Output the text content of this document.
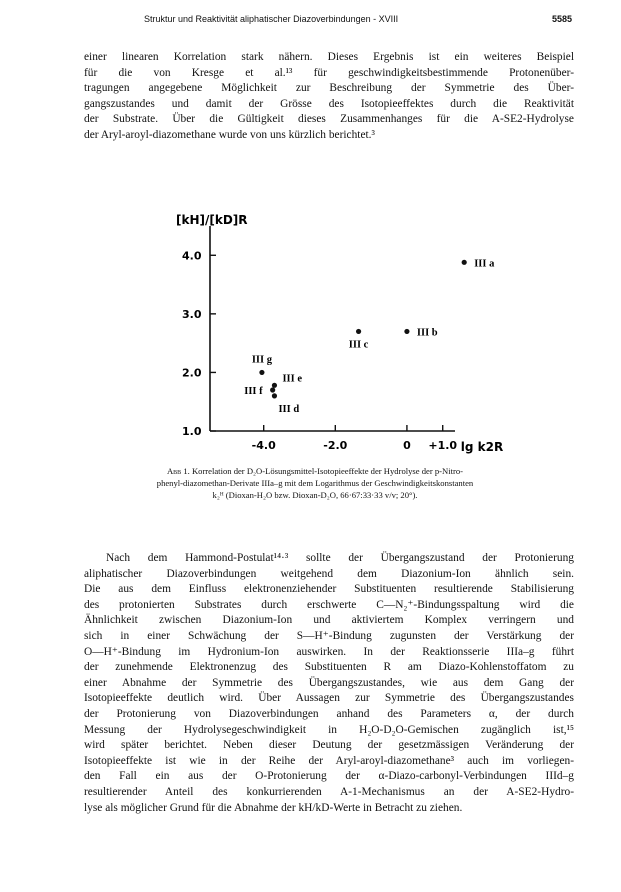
Struktur und Reaktivität aliphatischer Diazoverbindungen - XVIII	5585
einer linearen Korrelation stark nähern. Dieses Ergebnis ist ein weiteres Beispiel
für die von Kresge et al.¹³ für geschwindigkeitsbestimmende Protonenüber-
tragungen angegebene Möglichkeit zur Beschreibung der Symmetrie des Über-
gangszustandes und damit der Grösse des Isotopieeffektes durch die Reaktivität
der Substrate. Über die Gültigkeit dieses Zusammenhanges für die A-SE2-Hydrolyse
der Aryl-aroyl-diazomethane wurde von uns kürzlich berichtet.³
4.0
3.0
2.0
1.0
-4.0	-2.0	0 +1.0 lg k2R
[kH]/[kD]R
III a
III b
III c
III g
III e
III f
III d
Abb 1. Korrelation der D₂O-Lösungsmittel-Isotopieeffekte der Hydrolyse der p-Nitro-
phenyl-diazomethan-Derivate IIIa–g mit dem Logarithmus der Geschwindigkeitskonstanten
k₂ᴴ (Dioxan-H₂O bzw. Dioxan-D₂O, 66·67:33·33 v/v; 20°).
Nach dem Hammond-Postulat¹⁴·³ sollte der Übergangszustand der Protonierung
aliphatischer Diazoverbindungen weitgehend dem Diazonium-Ion ähnlich sein.
Die aus dem Einfluss elektronenziehender Substituenten resultierende Stabilisierung
des protonierten Substrates durch erschwerte C—N₂⁺-Bindungsspaltung wird die
Ähnlichkeit zwischen Diazonium-Ion und aktiviertem Komplex verringern und
sich in einer Schwächung der S—H⁺-Bindung zugunsten der Verstärkung der
O—H⁺-Bindung im Hydronium-Ion auswirken. In der Reaktionsserie IIIa–g führt
der zunehmende Elektronenzug des Substituenten R am Diazo-Kohlenstoffatom zu
einer Abnahme der Symmetrie des Übergangszustandes, wie aus dem Gang der
Isotopieeffekte deutlich wird. Über Aussagen zur Symmetrie des Übergangszustandes
der Protonierung von Diazoverbindungen anhand des Parameters α, der durch
Messung der Hydrolysegeschwindigkeit in H₂O-D₂O-Gemischen zugänglich ist,¹⁵
wird später berichtet. Neben dieser Deutung der gesetzmässigen Veränderung der
Isotopieeffekte ist wie in der Reihe der Aryl-aroyl-diazomethane³ auch im vorliegen-
den Fall ein aus der O-Protonierung der α-Diazo-carbonyl-Verbindungen IIId–g
resultierender Anteil des konkurrierenden A-1-Mechanismus an der A-SE2-Hydro-
lyse als möglicher Grund für die Abnahme der kH/kD-Werte in Betracht zu ziehen.
